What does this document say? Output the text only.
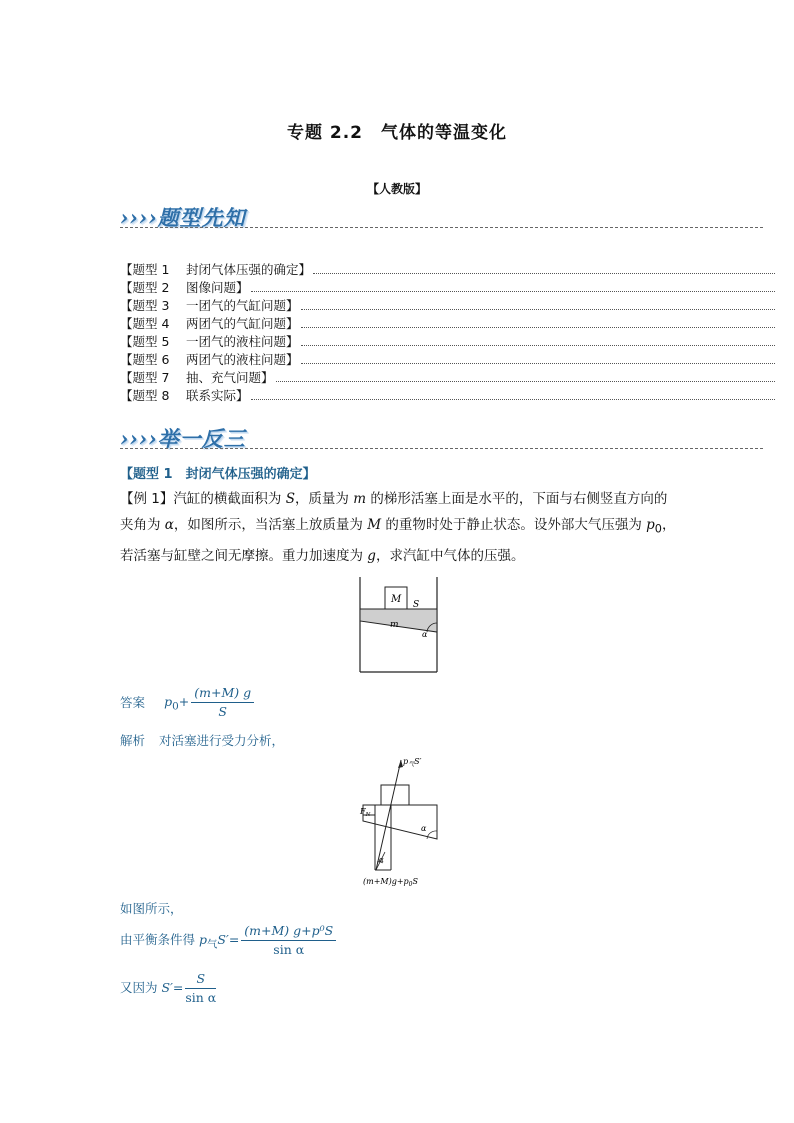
专题 2.2　气体的等温变化
【人教版】
››››题型先知
【题型 1	封闭气体压强的确定】
【题型 2	图像问题】
【题型 3	一团气的气缸问题】
【题型 4	两团气的气缸问题】
【题型 5	一团气的液柱问题】
【题型 6	两团气的液柱问题】
【题型 7	抽、充气问题】
【题型 8	联系实际】
››››举一反三
【题型 1　封闭气体压强的确定】
【例 1】汽缸的横截面积为 S，质量为 m 的梯形活塞上面是水平的，下面与右侧竖直方向的
夹角为 α，如图所示，当活塞上放质量为 M 的重物时处于静止状态。设外部大气压强为 $p_0$，
若活塞与缸壁之间无摩擦。重力加速度为 g，求汽缸中气体的压强。
M S
m
α
答案 $p_0+ \frac{(m+M) g}{S}$
解析 对活塞进行受力分析，
$p_气S'$
$F_N$
α
α
$(m+M)g+p_0S$
如图所示，
由平衡条件得 $p_气S'= \frac{\text{(m+M) g+p⁰S}}{\text{sin α}}$
又因为 $S'= \frac{S}{\text{sin α}}$
